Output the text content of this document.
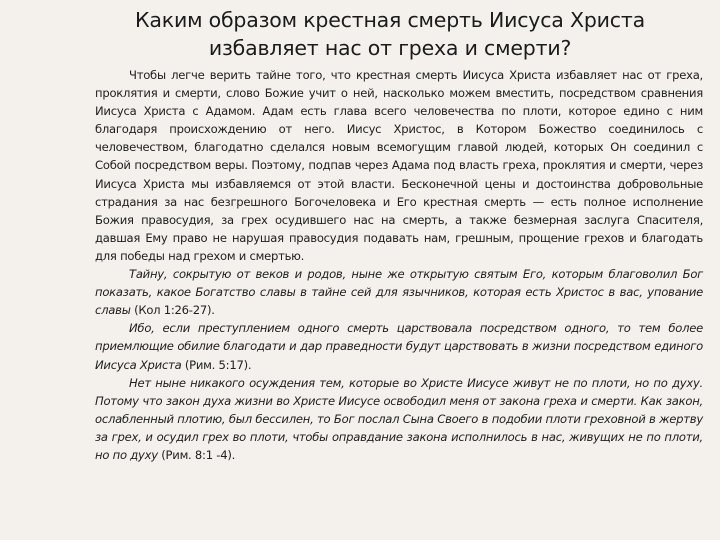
Каким образом крестная смерть Иисуса Христа
избавляет нас от греха и смерти?

Чтобы легче верить тайне того, что крестная смерть Иисуса Христа избавляет нас от греха, проклятия и смерти, слово Божие учит о ней, насколько можем вместить, посредством сравнения Иисуса Христа с Адамом. Адам есть глава всего человечества по плоти, которое едино с ним благодаря происхождению от него. Иисус Христос, в Котором Божество соединилось с человечеством, благодатно сделался новым всемогущим главой людей, которых Он соединил с Собой посредством веры. Поэтому, подпав через Адама под власть греха, проклятия и смерти, через Иисуса Христа мы избавляемся от этой власти. Бесконечной цены и достоинства добровольные страдания за нас безгрешного Богочеловека и Его крестная смерть — есть полное исполнение Божия правосудия, за грех осудившего нас на смерть, а также безмерная заслуга Спасителя, давшая Ему право не нарушая правосудия подавать нам, грешным, прощение грехов и благодать для победы над грехом и смертью.

Тайну, сокрытую от веков и родов, ныне же открытую святым Его, которым благоволил Бог показать, какое Богатство славы в тайне сей для язычников, которая есть Христос в вас, упование славы (Кол 1:26-27).

Ибо, если преступлением одного смерть царствовала посредством одного, то тем более приемлющие обилие благодати и дар праведности будут царствовать в жизни посредством единого Иисуса Христа (Рим. 5:17).

Нет ныне никакого осуждения тем, которые во Христе Иисусе живут не по плоти, но по духу. Потому что закон духа жизни во Христе Иисусе освободил меня от закона греха и смерти. Как закон, ослабленный плотию, был бессилен, то Бог послал Сына Своего в подобии плоти греховной в жертву за грех, и осудил грех во плоти, чтобы оправдание закона исполнилось в нас, живущих не по плоти, но по духу (Рим. 8:1 -4).
